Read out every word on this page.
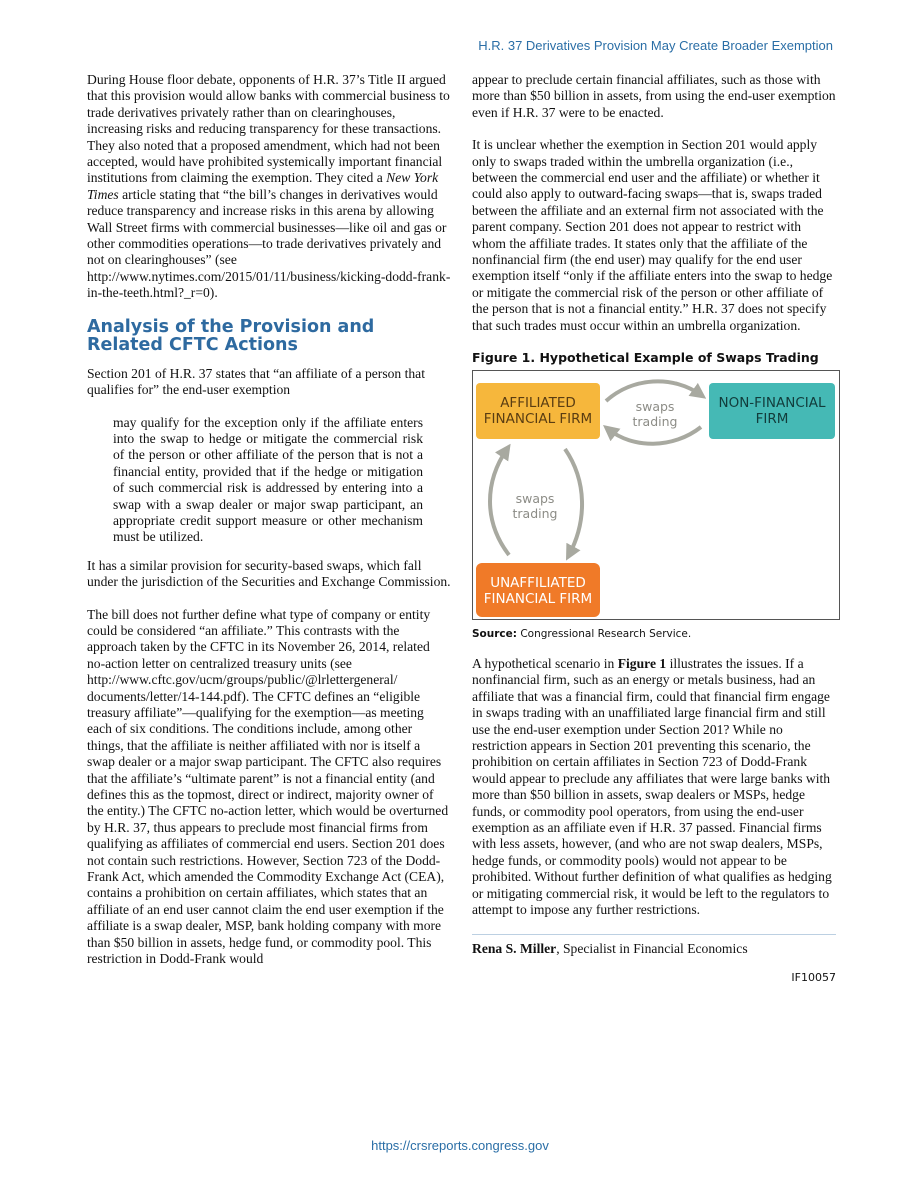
H.R. 37 Derivatives Provision May Create Broader Exemption

During House floor debate, opponents of H.R. 37’s Title II argued that this provision would allow banks with commercial business to trade derivatives privately rather than on clearinghouses, increasing risks and reducing transparency for these transactions. They also noted that a proposed amendment, which had not been accepted, would have prohibited systemically important financial institutions from claiming the exemption. They cited a New York Times article stating that “the bill’s changes in derivatives would reduce transparency and increase risks in this arena by allowing Wall Street firms with commercial businesses—like oil and gas or other commodities operations—to trade derivatives privately and not on clearinghouses” (see http://www.nytimes.com/2015/01/11/business/kicking-dodd-frank-in-the-teeth.html?_r=0).

Analysis of the Provision and Related CFTC Actions

Section 201 of H.R. 37 states that “an affiliate of a person that qualifies for” the end-user exemption

may qualify for the exception only if the affiliate enters into the swap to hedge or mitigate the commercial risk of the person or other affiliate of the person that is not a financial entity, provided that if the hedge or mitigation of such commercial risk is addressed by entering into a swap with a swap dealer or major swap participant, an appropriate credit support measure or other mechanism must be utilized.

It has a similar provision for security-based swaps, which fall under the jurisdiction of the Securities and Exchange Commission.

The bill does not further define what type of company or entity could be considered “an affiliate.” This contrasts with the approach taken by the CFTC in its November 26, 2014, related no-action letter on centralized treasury units (see http://www.cftc.gov/ucm/groups/public/@lrlettergeneral/ documents/letter/14-144.pdf). The CFTC defines an “eligible treasury affiliate”—qualifying for the exemption—as meeting each of six conditions. The conditions include, among other things, that the affiliate is neither affiliated with nor is itself a swap dealer or a major swap participant. The CFTC also requires that the affiliate’s “ultimate parent” is not a financial entity (and defines this as the topmost, direct or indirect, majority owner of the entity.) The CFTC no-action letter, which would be overturned by H.R. 37, thus appears to preclude most financial firms from qualifying as affiliates of commercial end users. Section 201 does not contain such restrictions. However, Section 723 of the Dodd-Frank Act, which amended the Commodity Exchange Act (CEA), contains a prohibition on certain affiliates, which states that an affiliate of an end user cannot claim the end user exemption if the affiliate is a swap dealer, MSP, bank holding company with more than $50 billion in assets, hedge fund, or commodity pool. This restriction in Dodd-Frank would

appear to preclude certain financial affiliates, such as those with more than $50 billion in assets, from using the end-user exemption even if H.R. 37 were to be enacted.

It is unclear whether the exemption in Section 201 would apply only to swaps traded within the umbrella organization (i.e., between the commercial end user and the affiliate) or whether it could also apply to outward-facing swaps—that is, swaps traded between the affiliate and an external firm not associated with the parent company. Section 201 does not appear to restrict with whom the affiliate trades. It states only that the affiliate of the nonfinancial firm (the end user) may qualify for the end user exemption itself “only if the affiliate enters into the swap to hedge or mitigate the commercial risk of the person or other affiliate of the person that is not a financial entity.” H.R. 37 does not specify that such trades must occur within an umbrella organization.

Figure 1. Hypothetical Example of Swaps Trading
AFFILIATED
FINANCIAL FIRM
NON-FINANCIAL
FIRM
UNAFFILIATED
FINANCIAL FIRM
swaps
trading
swaps
trading
Source: Congressional Research Service.

A hypothetical scenario in Figure 1 illustrates the issues. If a nonfinancial firm, such as an energy or metals business, had an affiliate that was a financial firm, could that financial firm engage in swaps trading with an unaffiliated large financial firm and still use the end-user exemption under Section 201? While no restriction appears in Section 201 preventing this scenario, the prohibition on certain affiliates in Section 723 of Dodd-Frank would appear to preclude any affiliates that were large banks with more than $50 billion in assets, swap dealers or MSPs, hedge funds, or commodity pool operators, from using the end-user exemption as an affiliate even if H.R. 37 passed. Financial firms with less assets, however, (and who are not swap dealers, MSPs, hedge funds, or commodity pools) would not appear to be prohibited. Without further definition of what qualifies as hedging or mitigating commercial risk, it would be left to the regulators to attempt to impose any further restrictions.

Rena S. Miller, Specialist in Financial Economics

IF10057
https://crsreports.congress.gov
